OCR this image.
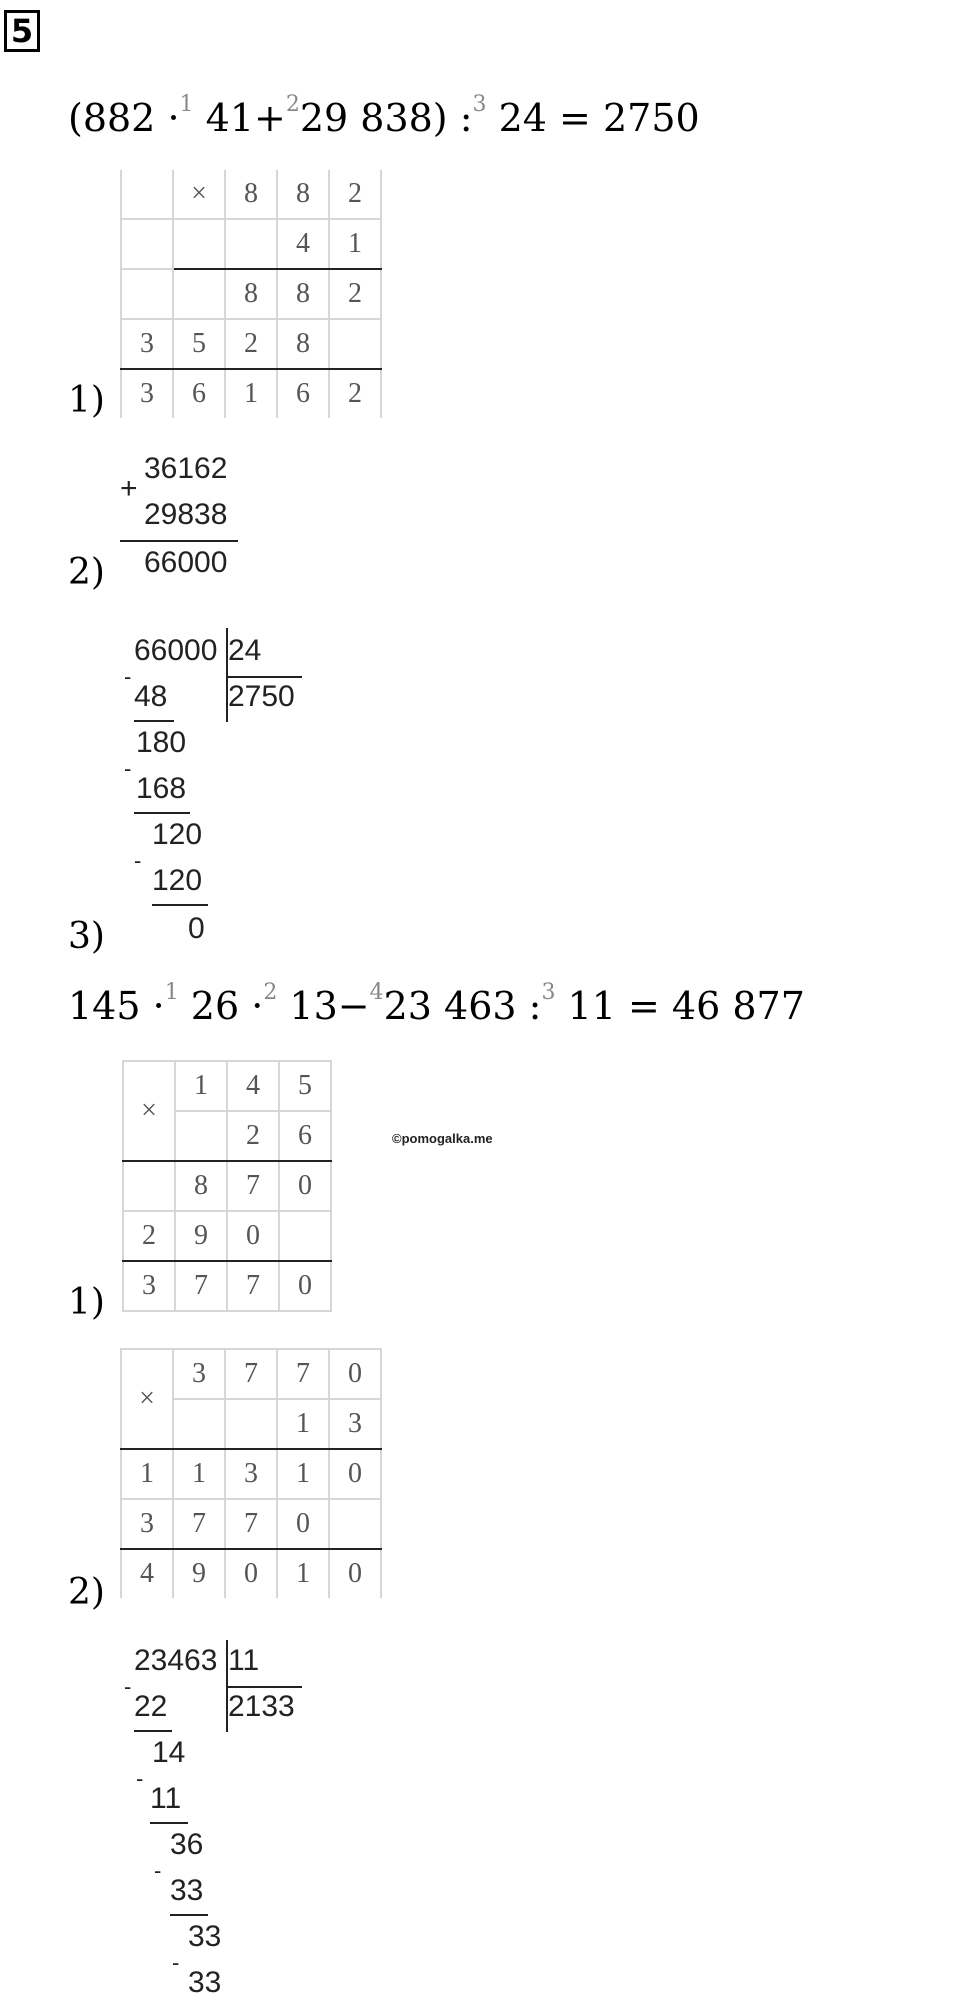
5
(882 ·$^1$ 41+$^2$29 838) :$^3$ 24 = 2750
	×	8	8	2
			4	1
		8	8	2
3	5	2	8	
3	6	1	6	2
1)
+
36162
29838
66000
2)
66000 24
2750
-
48
180
-
168
120
-
120
0
3)
145 ·$^1$ 26 ·$^2$ 13−$^4$23 463 :$^3$ 11 = 46 877
×	1	4	5
		2	6
	8	7	0
2	9	0	
3	7	7	0
©pomogalka.me
1)
×	3	7	7	0
			1	3
1	1	3	1	0
3	7	7	0	
4	9	0	1	0
2)
23463 11
2133
-
22
14
-
11
36
-
33
33
-
33
